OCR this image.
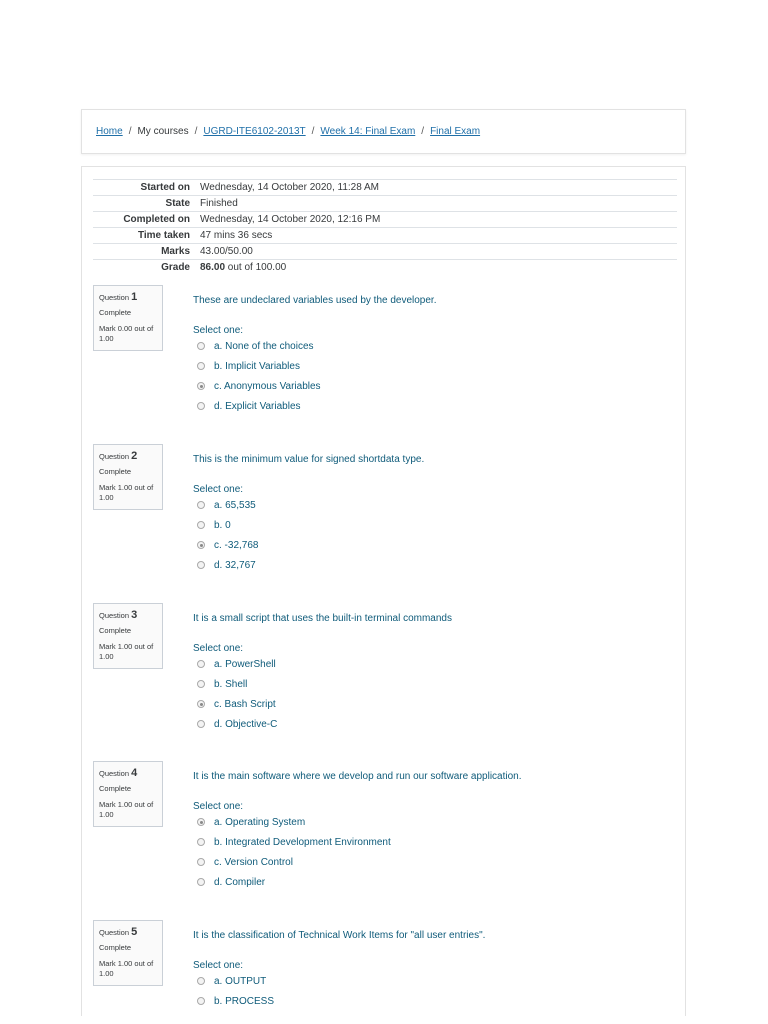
Home / My courses / UGRD-ITE6102-2013T / Week 14: Final Exam / Final Exam
Started on	Wednesday, 14 October 2020, 11:28 AM
State	Finished
Completed on	Wednesday, 14 October 2020, 12:16 PM
Time taken	47 mins 36 secs
Marks	43.00/50.00
Grade	86.00 out of 100.00
Question 1
Complete
Mark 0.00 out of 1.00
These are undeclared variables used by the developer.
Select one:
a. None of the choices
b. Implicit Variables
c. Anonymous Variables
d. Explicit Variables
Question 2
Complete
Mark 1.00 out of 1.00
This is the minimum value for signed shortdata type.
Select one:
a. 65,535
b. 0
c. -32,768
d. 32,767
Question 3
Complete
Mark 1.00 out of 1.00
It is a small script that uses the built-in terminal commands
Select one:
a. PowerShell
b. Shell
c. Bash Script
d. Objective-C
Question 4
Complete
Mark 1.00 out of 1.00
It is the main software where we develop and run our software application.
Select one:
a. Operating System
b. Integrated Development Environment
c. Version Control
d. Compiler
Question 5
Complete
Mark 1.00 out of 1.00
It is the classification of Technical Work Items for "all user entries".
Select one:
a. OUTPUT
b. PROCESS
